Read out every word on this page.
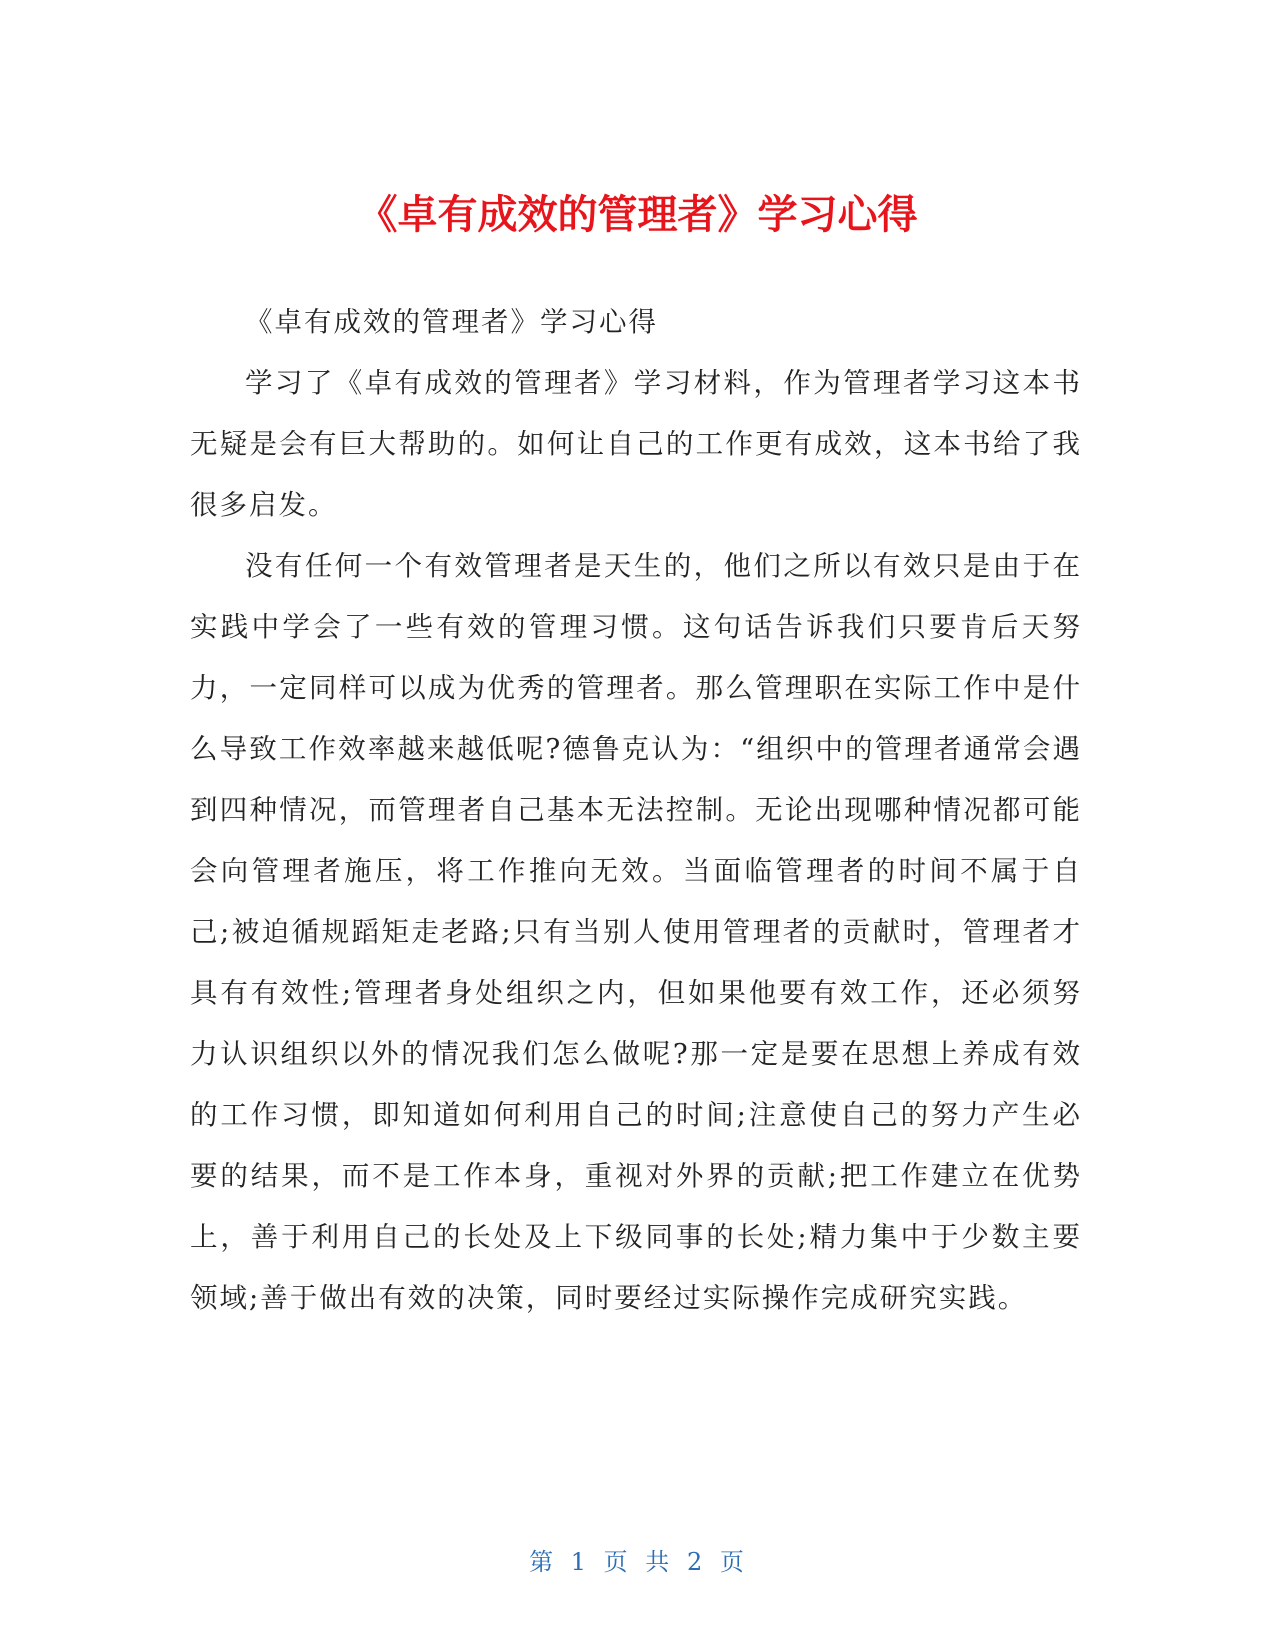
《卓有成效的管理者》学习心得

《卓有成效的管理者》学习心得

学习了《卓有成效的管理者》学习材料，作为管理者学习这本书无疑是会有巨大帮助的。如何让自己的工作更有成效，这本书给了我很多启发。

没有任何一个有效管理者是天生的，他们之所以有效只是由于在实践中学会了一些有效的管理习惯。这句话告诉我们只要肯后天努力，一定同样可以成为优秀的管理者。那么管理职在实际工作中是什么导致工作效率越来越低呢?德鲁克认为：“组织中的管理者通常会遇到四种情况，而管理者自己基本无法控制。无论出现哪种情况都可能会向管理者施压，将工作推向无效。当面临管理者的时间不属于自己;被迫循规蹈矩走老路;只有当别人使用管理者的贡献时，管理者才具有有效性;管理者身处组织之内，但如果他要有效工作，还必须努力认识组织以外的情况我们怎么做呢?那一定是要在思想上养成有效的工作习惯，即知道如何利用自己的时间;注意使自己的努力产生必要的结果，而不是工作本身，重视对外界的贡献;把工作建立在优势上，善于利用自己的长处及上下级同事的长处;精力集中于少数主要领域;善于做出有效的决策，同时要经过实际操作完成研究实践。

第 1 页 共 2 页
